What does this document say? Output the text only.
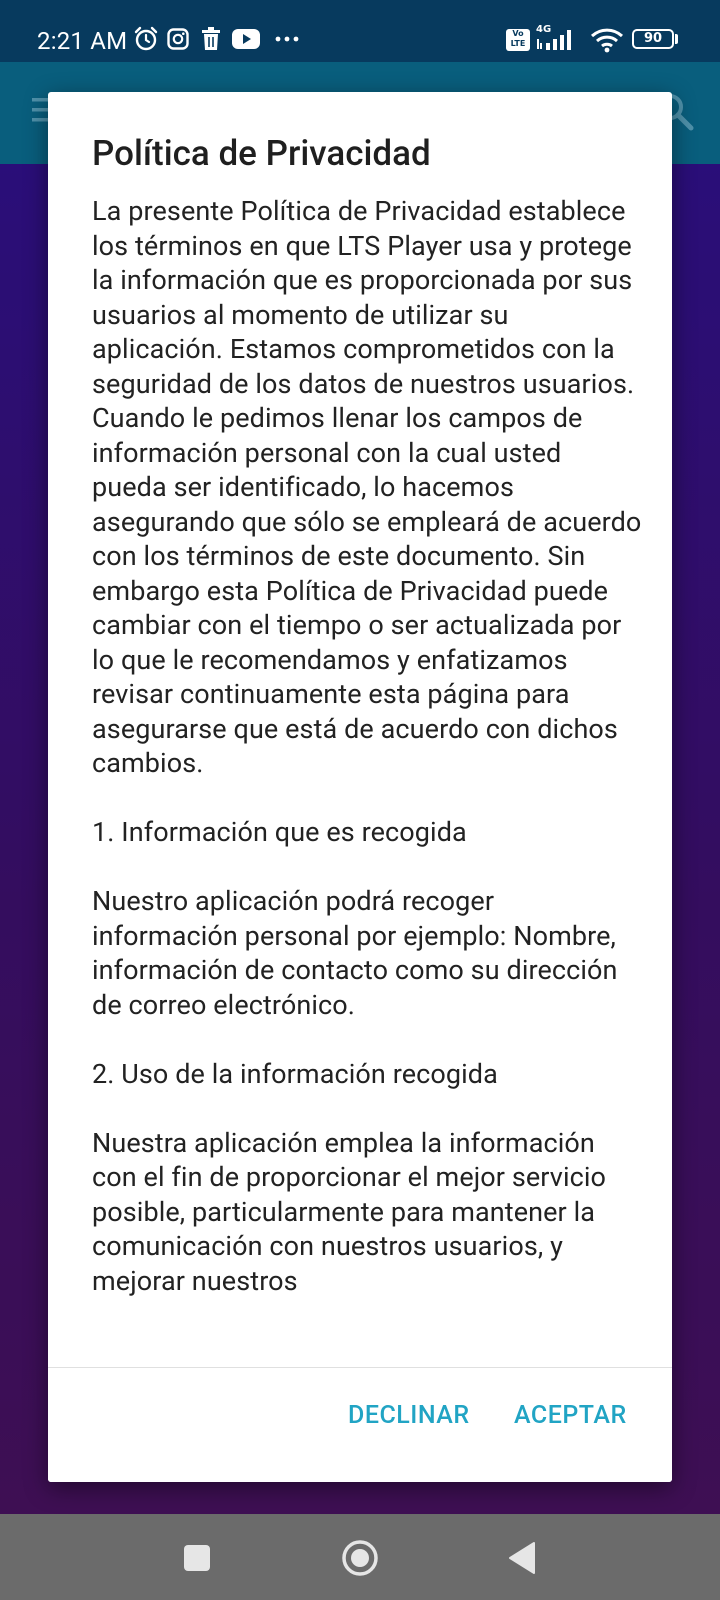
2:21 AM	Vo LTE
4G
90
Política de Privacidad

La presente Política de Privacidad establece los términos en que LTS Player usa y protege la información que es proporcionada por sus usuarios al momento de utilizar su aplicación. Estamos comprometidos con la seguridad de los datos de nuestros usuarios. Cuando le pedimos llenar los campos de información personal con la cual usted pueda ser identificado, lo hacemos asegurando que sólo se empleará de acuerdo con los términos de este documento. Sin embargo esta Política de Privacidad puede cambiar con el tiempo o ser actualizada por lo que le recomendamos y enfatizamos revisar continuamente esta página para asegurarse que está de acuerdo con dichos cambios.

1. Información que es recogida

Nuestro aplicación podrá recoger información personal por ejemplo: Nombre, información de contacto como su dirección de correo electrónico.

2. Uso de la información recogida

Nuestra aplicación emplea la información con el fin de proporcionar el mejor servicio posible, particularmente para mantener la comunicación con nuestros usuarios, y mejorar nuestros

DECLINAR ACEPTAR
